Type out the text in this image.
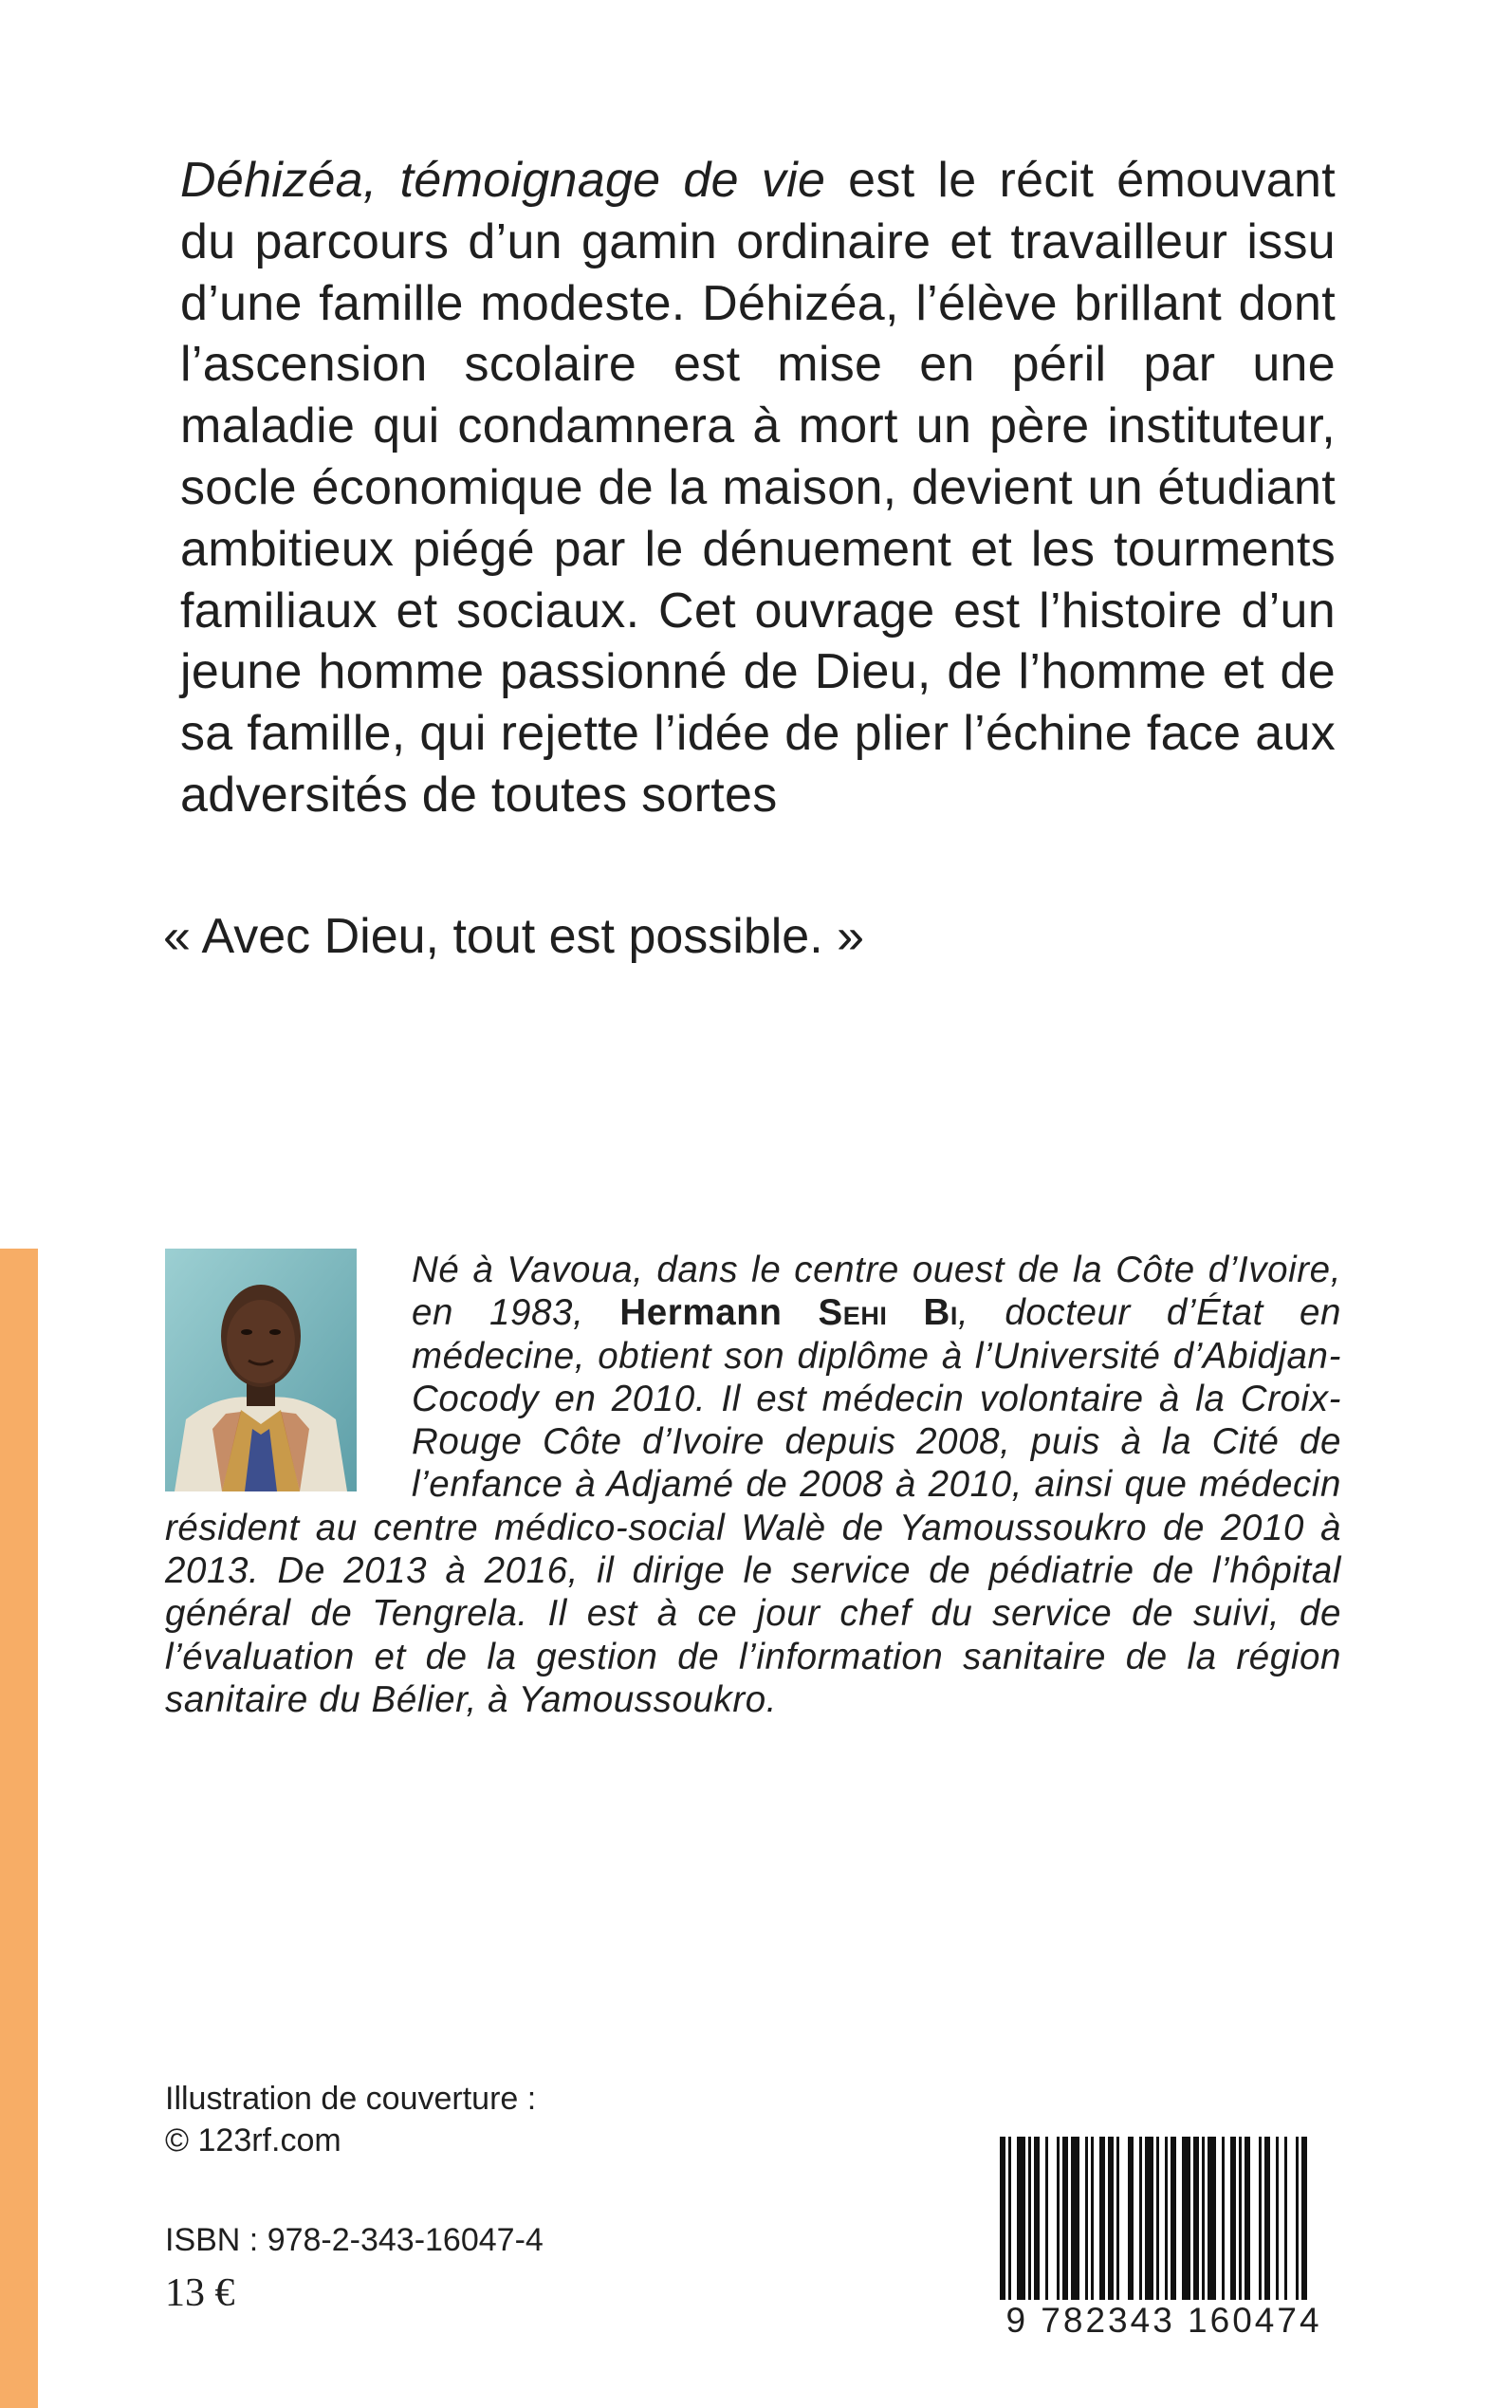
Déhizéa, témoignage de vie est le récit émouvant du parcours d’un gamin ordinaire et travailleur issu d’une famille modeste. Déhizéa, l’élève brillant dont l’ascension scolaire est mise en péril par une maladie qui condamnera à mort un père instituteur, socle économique de la maison, devient un étudiant ambitieux piégé par le dénuement et les tourments familiaux et sociaux. Cet ouvrage est l’histoire d’un jeune homme passionné de Dieu, de l’homme et de sa famille, qui rejette l’idée de plier l’échine face aux adversités de toutes sortes

« Avec Dieu, tout est possible. »

Né à Vavoua, dans le centre ouest de la Côte d’Ivoire, en 1983, Hermann Sehi Bi, docteur d’État en médecine, obtient son diplôme à l’Université d’Abidjan-Cocody en 2010. Il est médecin volontaire à la Croix-Rouge Côte d’Ivoire depuis 2008, puis à la Cité de l’enfance à Adjamé de 2008 à 2010, ainsi que médecin résident au centre médico-social Walè de Yamoussoukro de 2010 à 2013. De 2013 à 2016, il dirige le service de pédiatrie de l’hôpital général de Tengrela. Il est à ce jour chef du service de suivi, de l’évaluation et de la gestion de l’information sanitaire de la région sanitaire du Bélier, à Yamoussoukro.

Illustration de couverture :
© 123rf.com
ISBN : 978-2-343-16047-4
13 €
9 782343 160474
